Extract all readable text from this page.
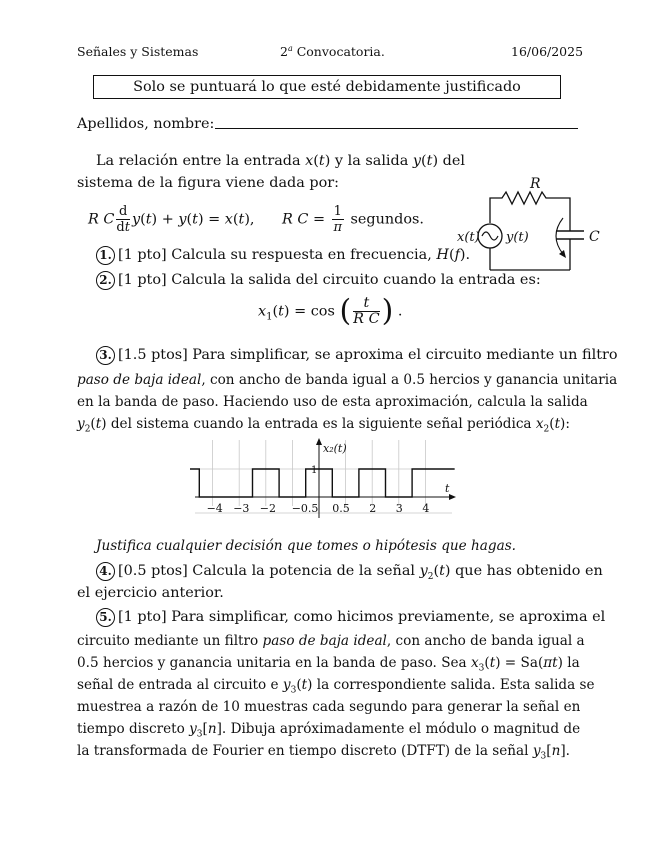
Señales y Sistemas	2$^a$ Convocatoria.	16/06/2025
Solo se puntuará lo que esté debidamente justificado
Apellidos, nombre:
La relación entre la entrada x(t) y la salida y(t) del
sistema de la figura viene dada por:
R C $\frac{d}{dt} y(t) + y(t) = x(t)$,      R $C = \frac{1}{\pi}$ segundos.
R
x(t) y(t)	C
1. [1 pto] Calcula su respuesta en frecuencia, H(f).
2. [1 pto] Calcula la salida del circuito cuando la entrada es:
$x_1(t) = \cos$ ( $\frac{t}{\text{R C}}$ ) .
3. [1.5 ptos] Para simplificar, se aproxima el circuito mediante un filtro
paso de baja ideal, con ancho de banda igual a 0.5 hercios y ganancia unitaria
en la banda de paso. Haciendo uso de esta aproximación, calcula la salida
$y_2(t)$ del sistema cuando la entrada es la siguiente señal periódica $x_2(t)$:
−4 −3 −2 −0.5 0.5 2 3 4
x₂(t)
t
1
Justifica cualquier decisión que tomes o hipótesis que hagas.
4. [0.5 ptos] Calcula la potencia de la señal $y_2(t)$ que has obtenido en
el ejercicio anterior.
5. [1 pto] Para simplificar, como hicimos previamente, se aproxima el
circuito mediante un filtro paso de baja ideal, con ancho de banda igual a
0.5 hercios y ganancia unitaria en la banda de paso. Sea $x_3(t) = Sa(\pi t)$ la
señal de entrada al circuito e $y_3(t)$ la correspondiente salida. Esta salida se
muestrea a razón de 10 muestras cada segundo para generar la señal en
tiempo discreto $y_3[n]$. Dibuja apróximadamente el módulo o magnitud de
la transformada de Fourier en tiempo discreto (DTFT) de la señal $y_3[n]$.
